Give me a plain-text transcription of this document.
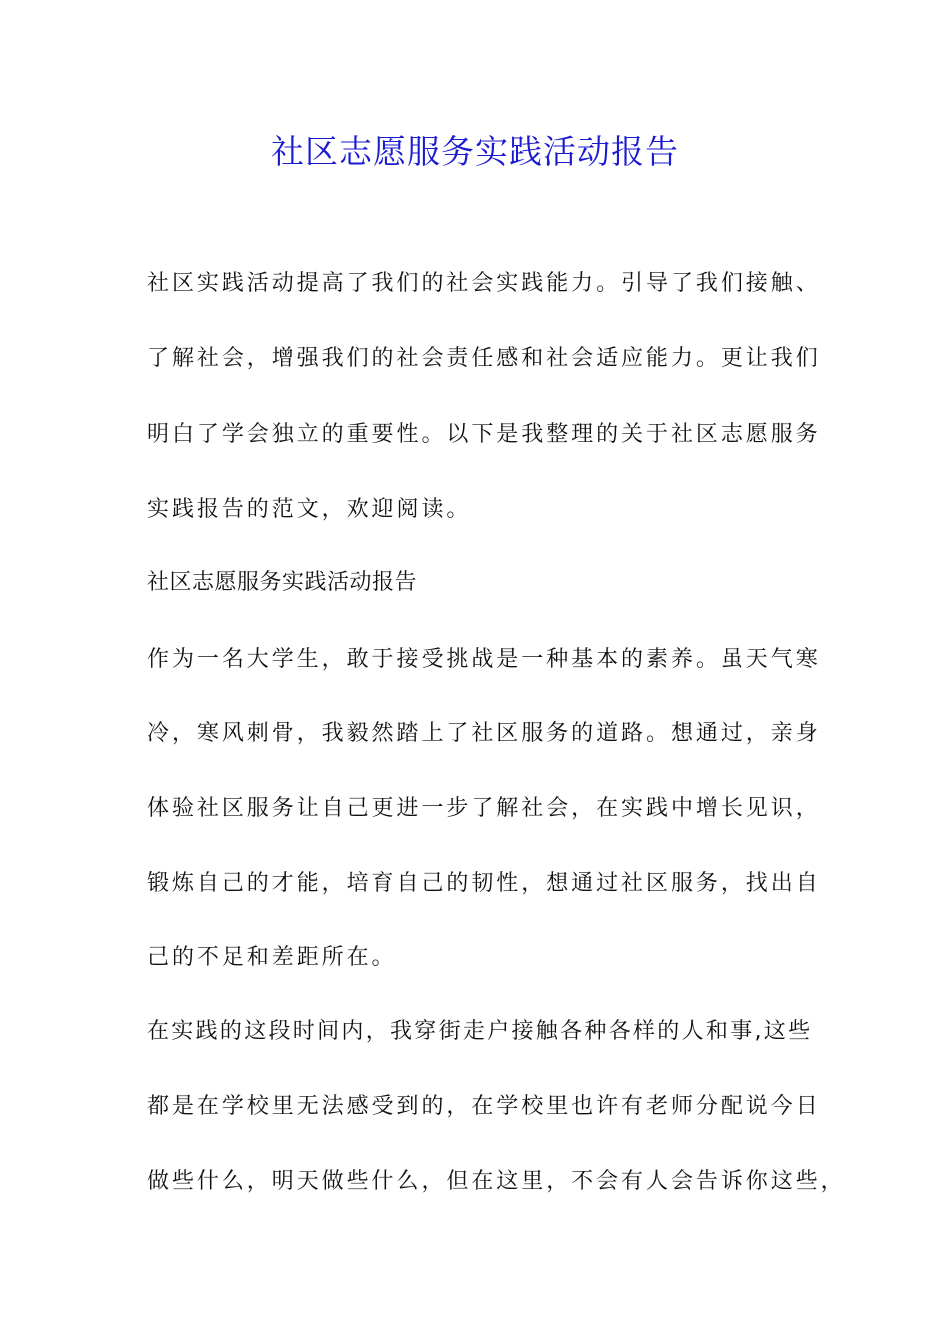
社区志愿服务实践活动报告

社区实践活动提高了我们的社会实践能力。引导了我们接触、

了解社会，增强我们的社会责任感和社会适应能力。更让我们

明白了学会独立的重要性。以下是我整理的关于社区志愿服务

实践报告的范文，欢迎阅读。

社区志愿服务实践活动报告

作为一名大学生，敢于接受挑战是一种基本的素养。虽天气寒

冷，寒风刺骨，我毅然踏上了社区服务的道路。想通过，亲身

体验社区服务让自己更进一步了解社会，在实践中增长见识，

锻炼自己的才能，培育自己的韧性，想通过社区服务，找出自

己的不足和差距所在。

在实践的这段时间内，我穿街走户接触各种各样的人和事,这些

都是在学校里无法感受到的，在学校里也许有老师分配说今日

做些什么，明天做些什么，但在这里，不会有人会告诉你这些，
